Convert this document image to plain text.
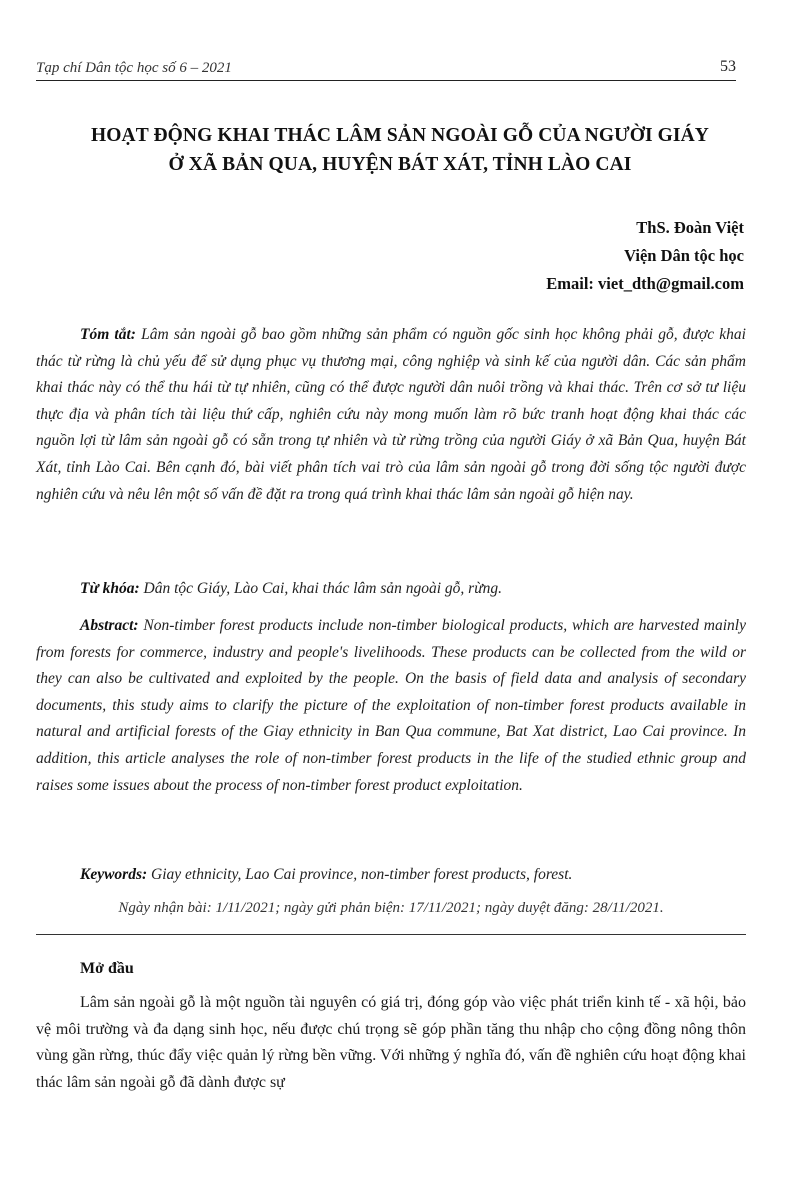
Tạp chí Dân tộc học số 6 – 2021	53
HOẠT ĐỘNG KHAI THÁC LÂM SẢN NGOÀI GỖ CỦA NGƯỜI GIÁY
Ở XÃ BẢN QUA, HUYỆN BÁT XÁT, TỈNH LÀO CAI
ThS. Đoàn Việt
Viện Dân tộc học
Email: viet_dth@gmail.com
Tóm tắt: Lâm sản ngoài gỗ bao gồm những sản phẩm có nguồn gốc sinh học không phải gỗ, được khai thác từ rừng là chủ yếu để sử dụng phục vụ thương mại, công nghiệp và sinh kế của người dân. Các sản phẩm khai thác này có thể thu hái từ tự nhiên, cũng có thể được người dân nuôi trồng và khai thác. Trên cơ sở tư liệu thực địa và phân tích tài liệu thứ cấp, nghiên cứu này mong muốn làm rõ bức tranh hoạt động khai thác các nguồn lợi từ lâm sản ngoài gỗ có sẵn trong tự nhiên và từ rừng trồng của người Giáy ở xã Bản Qua, huyện Bát Xát, tỉnh Lào Cai. Bên cạnh đó, bài viết phân tích vai trò của lâm sản ngoài gỗ trong đời sống tộc người được nghiên cứu và nêu lên một số vấn đề đặt ra trong quá trình khai thác lâm sản ngoài gỗ hiện nay.
Từ khóa: Dân tộc Giáy, Lào Cai, khai thác lâm sản ngoài gỗ, rừng.
Abstract: Non-timber forest products include non-timber biological products, which are harvested mainly from forests for commerce, industry and people's livelihoods. These products can be collected from the wild or they can also be cultivated and exploited by the people. On the basis of field data and analysis of secondary documents, this study aims to clarify the picture of the exploitation of non-timber forest products available in natural and artificial forests of the Giay ethnicity in Ban Qua commune, Bat Xat district, Lao Cai province. In addition, this article analyses the role of non-timber forest products in the life of the studied ethnic group and raises some issues about the process of non-timber forest product exploitation.
Keywords: Giay ethnicity, Lao Cai province, non-timber forest products, forest.
Ngày nhận bài: 1/11/2021; ngày gửi phản biện: 17/11/2021; ngày duyệt đăng: 28/11/2021.
Mở đầu
Lâm sản ngoài gỗ là một nguồn tài nguyên có giá trị, đóng góp vào việc phát triển kinh tế - xã hội, bảo vệ môi trường và đa dạng sinh học, nếu được chú trọng sẽ góp phần tăng thu nhập cho cộng đồng nông thôn vùng gần rừng, thúc đẩy việc quản lý rừng bền vững. Với những ý nghĩa đó, vấn đề nghiên cứu hoạt động khai thác lâm sản ngoài gỗ đã dành được sự
